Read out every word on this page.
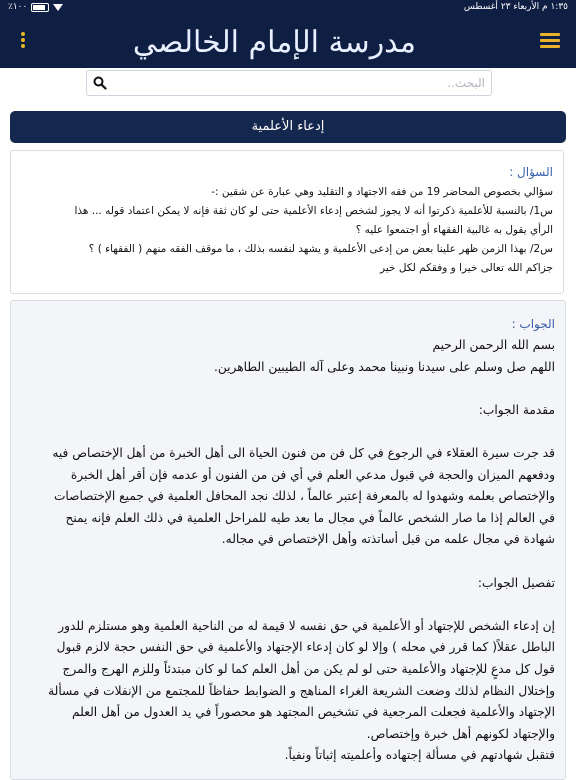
٪١٠٠	١:٣٥ م الأربعاء ٢٣ أغسطس
مدرسة الإمام الخالصي
البحث..
إدعاء الأعلمية
السؤال :
سؤالي بخصوص المحاضر 19 من فقه الاجتهاد و التقليد وهي عبارة عن شقين :-
س1/ بالنسبة للأعلمية ذكرتوا أنه لا يجوز لشخص إدعاء الأعلمية حتى لو كان ثقة فإنه لا يمكن اعتماد قوله ... هذا
الرأي يقول به غالبية الفقهاء أو اجتمعوا عليه ؟
س2/ بهذا الزمن ظهر علينا بعض من إدعى الأعلمية و يشهد لنفسه بذلك ، ما موقف الفقه منهم ( الفقهاء ) ؟
جزاكم الله تعالى خيرا و وفقكم لكل خير
الجواب :
بسم الله الرحمن الرحيم
اللهم صل وسلم على سيدنا ونبينا محمد وعلى آله الطيبين الطاهرين.
مقدمة الجواب:
قد جرت سيرة العقلاء في الرجوع في كل فن من فنون الحياة الى أهل الخبرة من أهل الإختصاص فيه
ودفعهم الميزان والحجة في قبول مدعي العلم في أي فن من الفنون أو عدمه فإن أقر أهل الخبرة
والإختصاص بعلمه وشهدوا له بالمعرفة إعتبر عالماً ، لذلك نجد المحافل العلمية في جميع الإختصاصات
في العالم إذا ما صار الشخص عالماً في مجال ما بعد طيه للمراحل العلمية في ذلك العلم فإنه يمنح
شهادة في مجال علمه من قبل أساتذته وأهل الإختصاص في مجاله.
تفصيل الجواب:
إن إدعاء الشخص للإجتهاد أو الأعلمية في حق نفسه لا قيمة له من الناحية العلمية وهو مستلزم للدور
الباطل عقلاً( كما قرر في محله ) وإلا لو كان إدعاء الإجتهاد والأعلمية في حق النفس حجة لالزم قبول
قول كل مدعٍ للإجتهاد والأعلمية حتى لو لم يكن من أهل العلم كما لو كان مبتدئاً وللزم الهرج والمرج
وإختلال النظام لذلك وضعت الشريعة الغراء المناهج و الضوابط حفاظاً للمجتمع من الإنفلات في مسألة
الإجتهاد والأعلمية فجعلت المرجعية في تشخيص المجتهد هو محصوراً في يد العدول من أهل العلم
والإجتهاد لكونهم أهل خبرة وإختصاص.
فتقبل شهادتهم في مسألة إجتهاده وأعلميته إثباتاً ونفياً.
